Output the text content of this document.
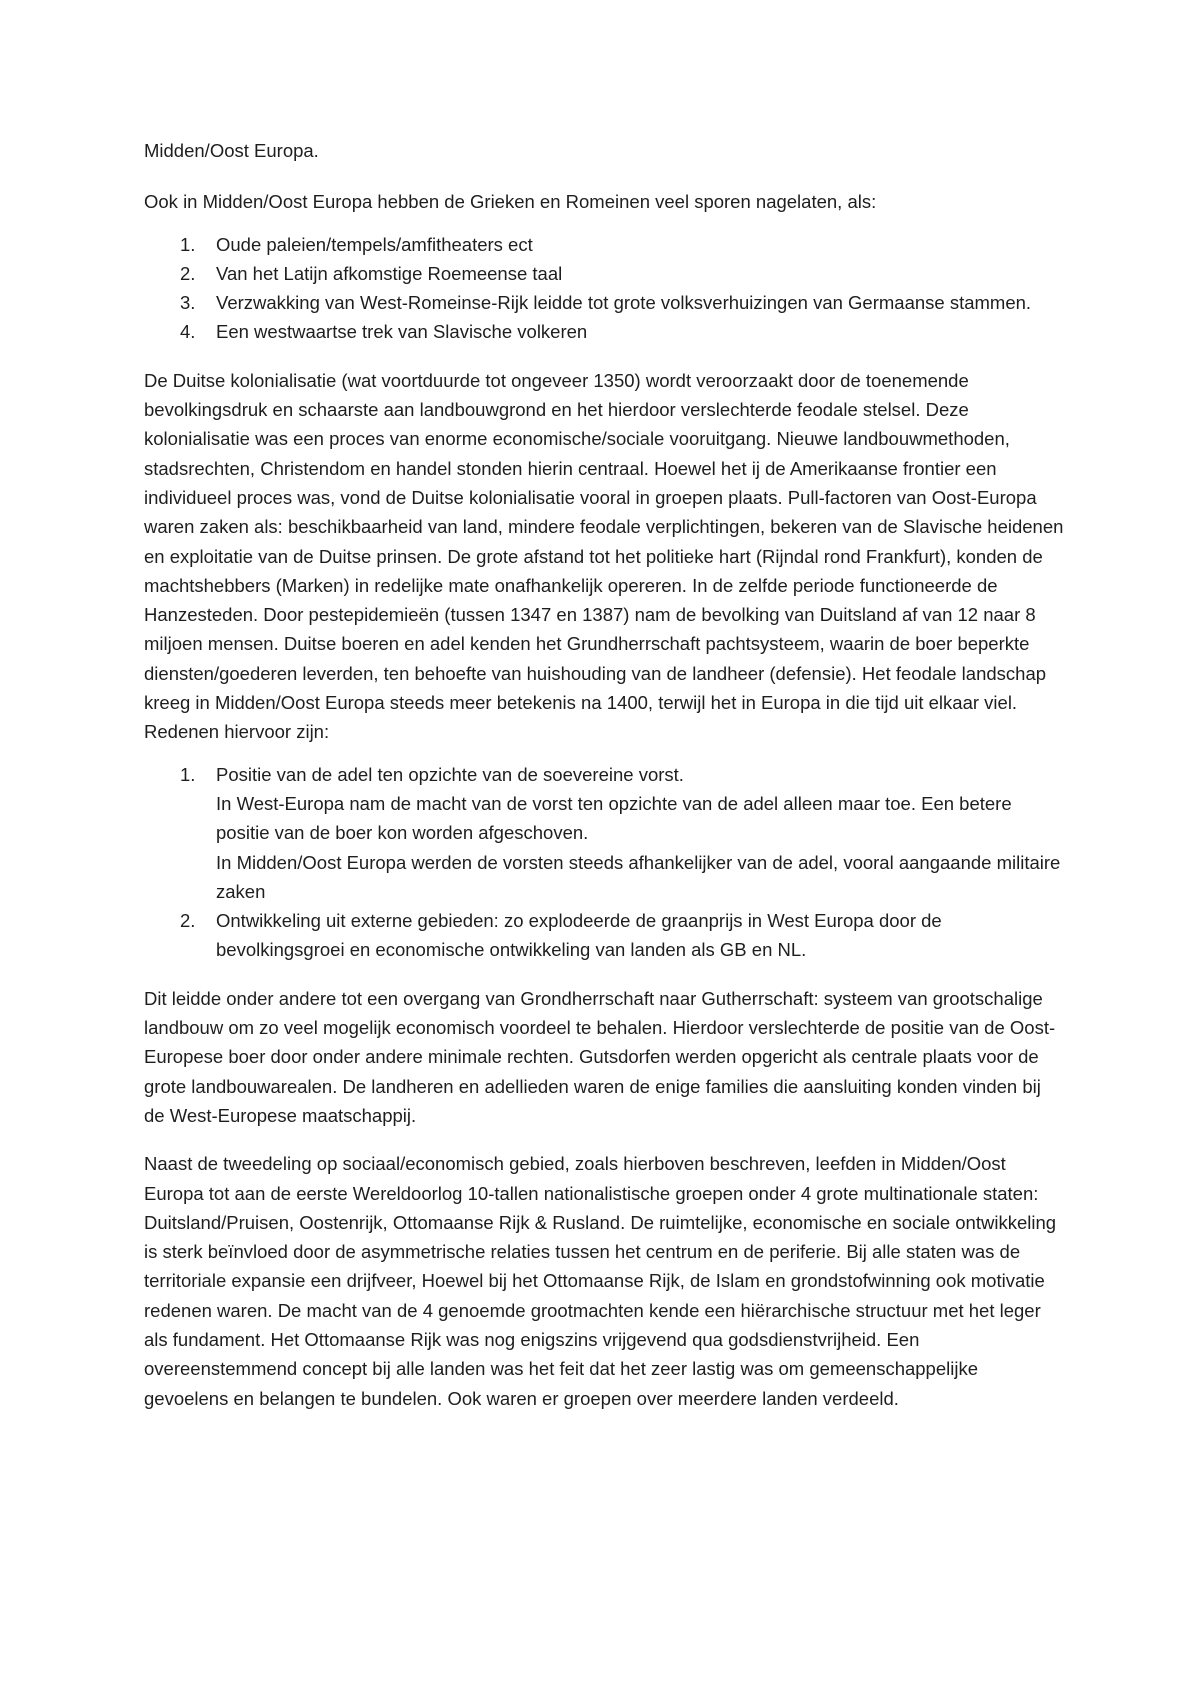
Midden/Oost Europa.

Ook in Midden/Oost Europa hebben de Grieken en Romeinen veel sporen nagelaten, als:

1. Oude paleien/tempels/amfitheaters ect
2. Van het Latijn afkomstige Roemeense taal
3. Verzwakking van West-Romeinse-Rijk leidde tot grote volksverhuizingen van Germaanse stammen.
4. Een westwaartse trek van Slavische volkeren

De Duitse kolonialisatie (wat voortduurde tot ongeveer 1350) wordt veroorzaakt door de toenemende bevolkingsdruk en schaarste aan landbouwgrond en het hierdoor verslechterde feodale stelsel. Deze kolonialisatie was een proces van enorme economische/sociale vooruitgang. Nieuwe landbouwmethoden, stadsrechten, Christendom en handel stonden hierin centraal. Hoewel het ij de Amerikaanse frontier een individueel proces was, vond de Duitse kolonialisatie vooral in groepen plaats. Pull-factoren van Oost-Europa waren zaken als: beschikbaarheid van land, mindere feodale verplichtingen, bekeren van de Slavische heidenen en exploitatie van de Duitse prinsen. De grote afstand tot het politieke hart (Rijndal rond Frankfurt), konden de machtshebbers (Marken) in redelijke mate onafhankelijk opereren. In de zelfde periode functioneerde de Hanzesteden. Door pestepidemieën (tussen 1347 en 1387) nam de bevolking van Duitsland af van 12 naar 8 miljoen mensen. Duitse boeren en adel kenden het Grundherrschaft pachtsysteem, waarin de boer beperkte diensten/goederen leverden, ten behoefte van huishouding van de landheer (defensie). Het feodale landschap kreeg in Midden/Oost Europa steeds meer betekenis na 1400, terwijl het in Europa in die tijd uit elkaar viel. Redenen hiervoor zijn:

1. Positie van de adel ten opzichte van de soevereine vorst.
In West-Europa nam de macht van de vorst ten opzichte van de adel alleen maar toe. Een betere positie van de boer kon worden afgeschoven.
In Midden/Oost Europa werden de vorsten steeds afhankelijker van de adel, vooral aangaande militaire zaken
2. Ontwikkeling uit externe gebieden: zo explodeerde de graanprijs in West Europa door de bevolkingsgroei en economische ontwikkeling van landen als GB en NL.

Dit leidde onder andere tot een overgang van Grondherrschaft naar Gutherrschaft: systeem van grootschalige landbouw om zo veel mogelijk economisch voordeel te behalen. Hierdoor verslechterde de positie van de Oost-Europese boer door onder andere minimale rechten. Gutsdorfen werden opgericht als centrale plaats voor de grote landbouwarealen. De landheren en adellieden waren de enige families die aansluiting konden vinden bij de West-Europese maatschappij.

Naast de tweedeling op sociaal/economisch gebied, zoals hierboven beschreven, leefden in Midden/Oost Europa tot aan de eerste Wereldoorlog 10-tallen nationalistische groepen onder 4 grote multinationale staten: Duitsland/Pruisen, Oostenrijk, Ottomaanse Rijk & Rusland. De ruimtelijke, economische en sociale ontwikkeling is sterk beïnvloed door de asymmetrische relaties tussen het centrum en de periferie. Bij alle staten was de territoriale expansie een drijfveer, Hoewel bij het Ottomaanse Rijk, de Islam en grondstofwinning ook motivatie redenen waren. De macht van de 4 genoemde grootmachten kende een hiërarchische structuur met het leger als fundament. Het Ottomaanse Rijk was nog enigszins vrijgevend qua godsdienstvrijheid. Een overeenstemmend concept bij alle landen was het feit dat het zeer lastig was om gemeenschappelijke gevoelens en belangen te bundelen. Ook waren er groepen over meerdere landen verdeeld.
